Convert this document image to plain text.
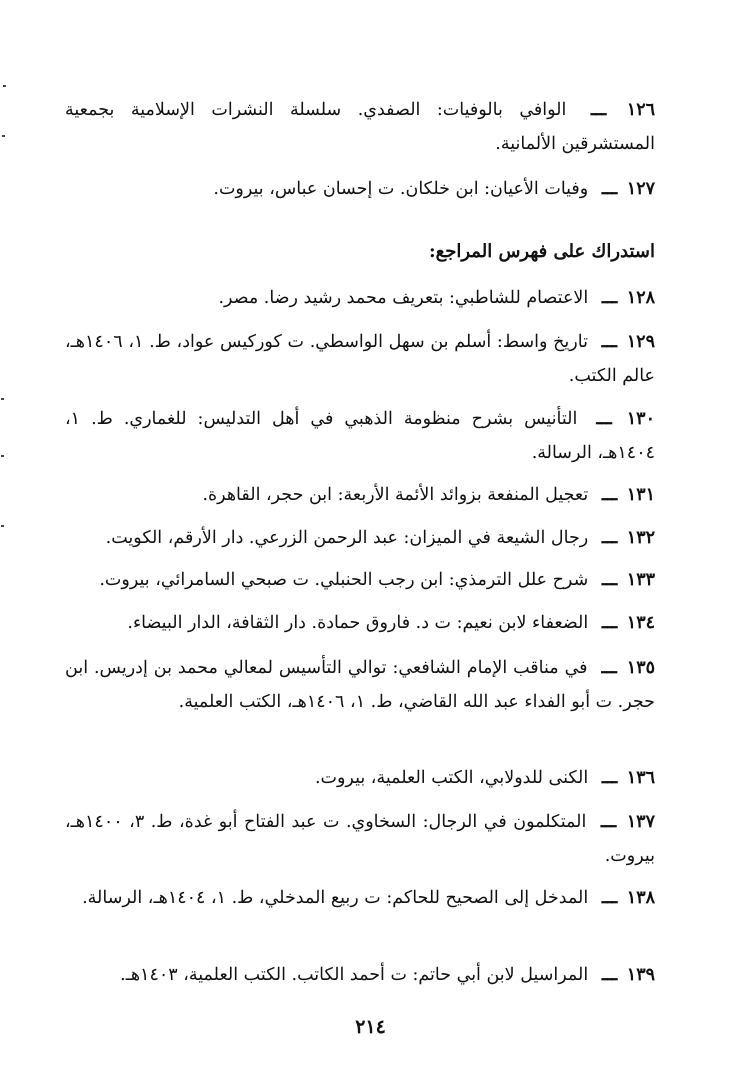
١٢٦ ـــ الوافي بالوفيات: الصفدي. سلسلة النشرات الإسلامية بجمعية المستشرقين الألمانية.
١٢٧ ـــ وفيات الأعيان: ابن خلكان. ت إحسان عباس، بيروت.
استدراك على فهرس المراجع:
١٢٨ ـــ الاعتصام للشاطبي: بتعريف محمد رشيد رضا. مصر.
١٢٩ ـــ تاريخ واسط: أسلم بن سهل الواسطي. ت كوركيس عواد، ط. ١، ١٤٠٦هـ، عالم الكتب.
١٣٠ ـــ التأنيس بشرح منظومة الذهبي في أهل التدليس: للغماري. ط. ١، ١٤٠٤هـ، الرسالة.
١٣١ ـــ تعجيل المنفعة بزوائد الأئمة الأربعة: ابن حجر، القاهرة.
١٣٢ ـــ رجال الشيعة في الميزان: عبد الرحمن الزرعي. دار الأرقم، الكويت.
١٣٣ ـــ شرح علل الترمذي: ابن رجب الحنبلي. ت صبحي السامرائي، بيروت.
١٣٤ ـــ الضعفاء لابن نعيم: ت د. فاروق حمادة. دار الثقافة، الدار البيضاء.
١٣٥ ـــ في مناقب الإمام الشافعي: توالي التأسيس لمعالي محمد بن إدريس. ابن حجر. ت أبو الفداء عبد الله القاضي، ط. ١، ١٤٠٦هـ، الكتب العلمية.
١٣٦ ـــ الكنى للدولابي، الكتب العلمية، بيروت.
١٣٧ ـــ المتكلمون في الرجال: السخاوي. ت عبد الفتاح أبو غدة، ط. ٣، ١٤٠٠هـ، بيروت.
١٣٨ ـــ المدخل إلى الصحيح للحاكم: ت ربيع المدخلي، ط. ١، ١٤٠٤هـ، الرسالة.
١٣٩ ـــ المراسيل لابن أبي حاتم: ت أحمد الكاتب. الكتب العلمية، ١٤٠٣هـ.
٢١٤
